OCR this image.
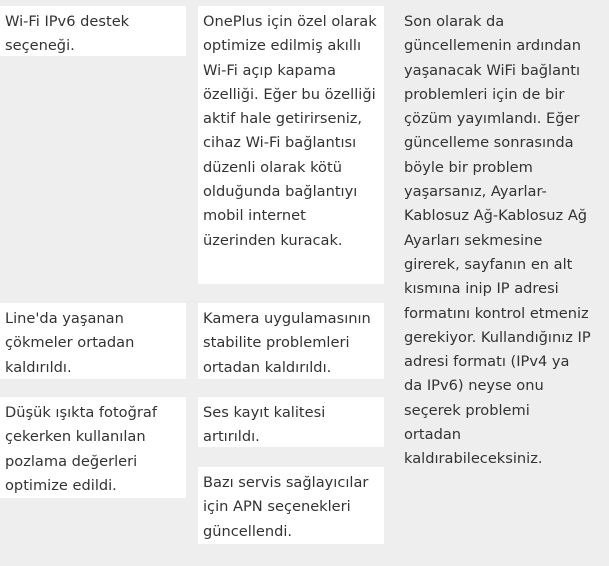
Wi-Fi IPv6 destek seçeneği.
Line'da yaşanan çökmeler ortadan kaldırıldı.
Düşük ışıkta fotoğraf çekerken kullanılan pozlama değerleri optimize edildi.
OnePlus için özel olarak optimize edilmiş akıllı Wi-Fi açıp kapama özelliği. Eğer bu özelliği aktif hale getirirseniz, cihaz Wi-Fi bağlantısı düzenli olarak kötü olduğunda bağlantıyı mobil internet üzerinden kuracak.
Kamera uygulamasının stabilite problemleri ortadan kaldırıldı.
Ses kayıt kalitesi artırıldı.
Bazı servis sağlayıcılar için APN seçenekleri güncellendi.
Son olarak da güncellemenin ardından yaşanacak WiFi bağlantı problemleri için de bir çözüm yayımlandı. Eğer güncelleme sonrasında böyle bir problem yaşarsanız, Ayarlar-Kablosuz Ağ-Kablosuz Ağ Ayarları sekmesine girerek, sayfanın en alt kısmına inip IP adresi formatını kontrol etmeniz gerekiyor. Kullandığınız IP adresi formatı (IPv4 ya da IPv6) neyse onu seçerek problemi ortadan kaldırabileceksiniz.
